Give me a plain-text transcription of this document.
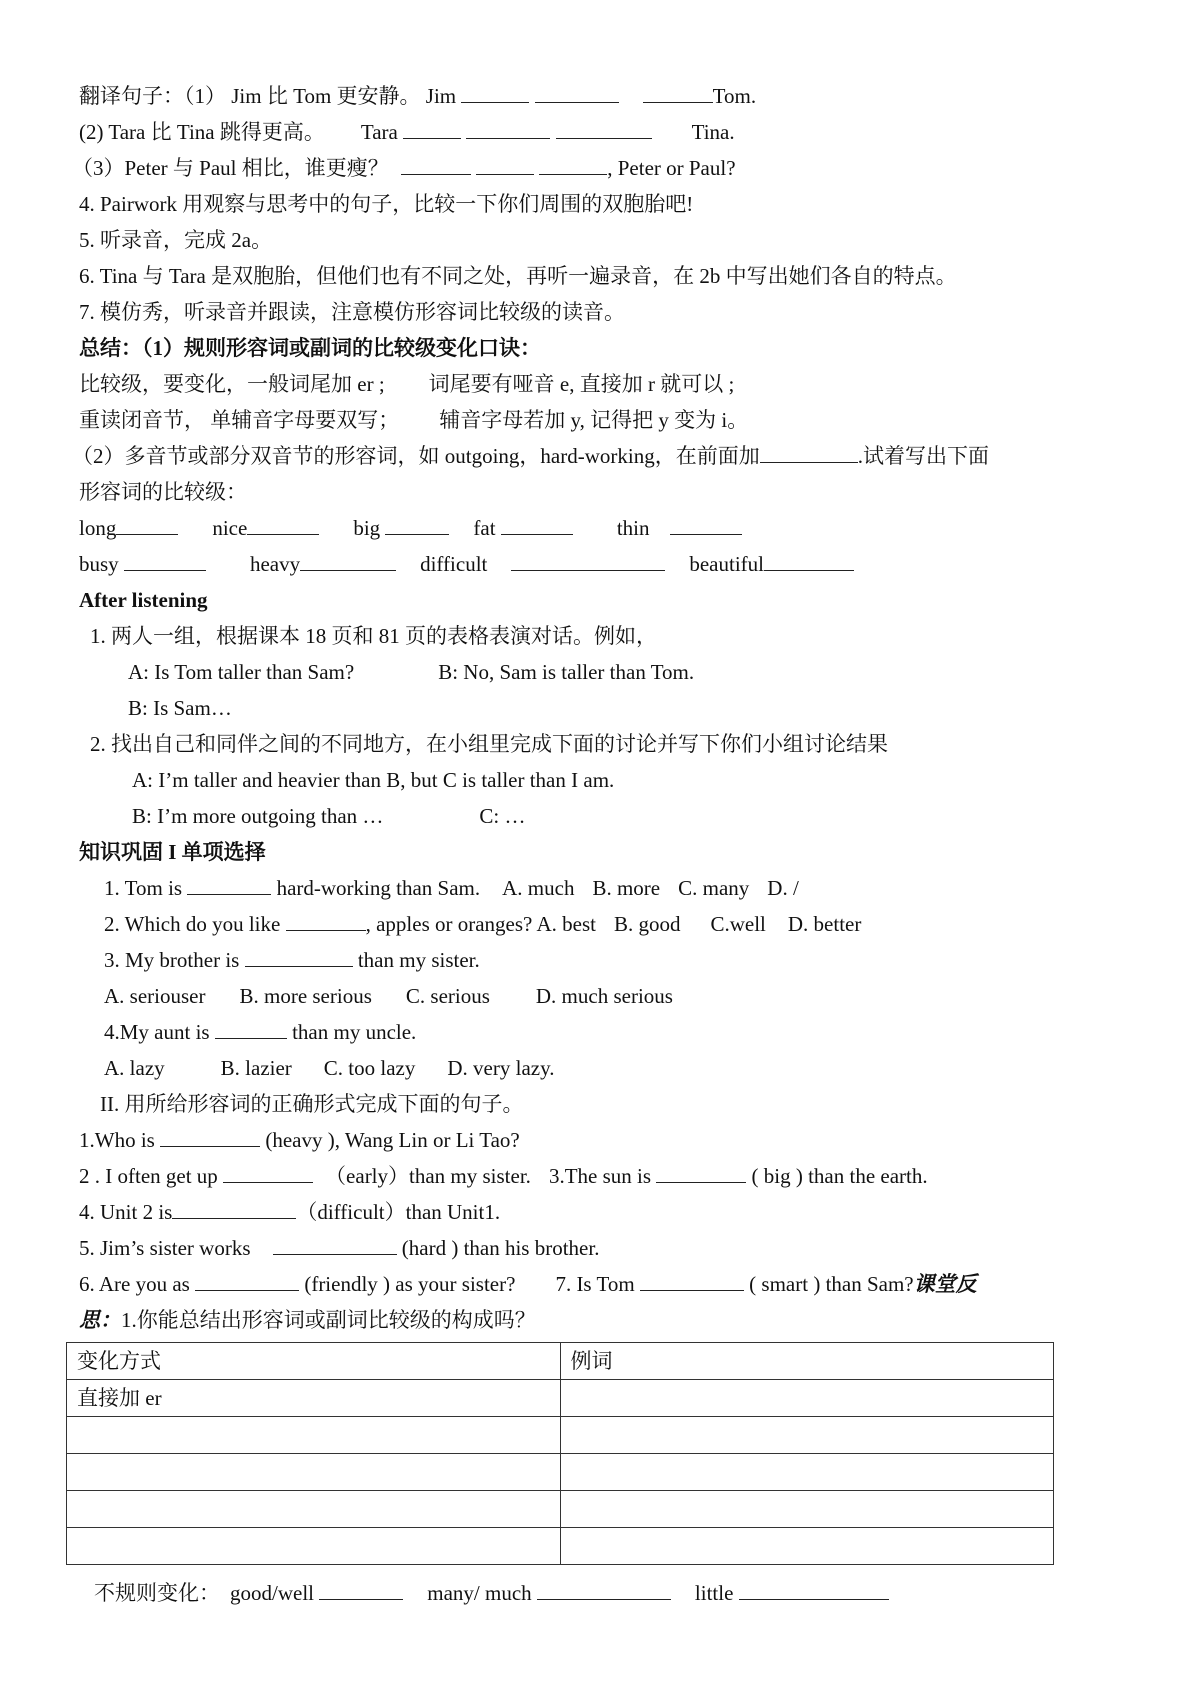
翻译句子：（1） Jim 比 Tom 更安静。 Jim	Tom.
(2) Tara 比 Tina 跳得更高。 Tara	Tina.
（3）Peter 与 Paul 相比，谁更瘦？	, Peter or Paul?
4. Pairwork 用观察与思考中的句子，比较一下你们周围的双胞胎吧!
5. 听录音，完成 2a。
6. Tina 与 Tara 是双胞胎，但他们也有不同之处，再听一遍录音，在 2b 中写出她们各自的特点。
7. 模仿秀，听录音并跟读，注意模仿形容词比较级的读音。
总结：（1）规则形容词或副词的比较级变化口诀：
比较级，要变化，一般词尾加 er ; 词尾要有哑音 e, 直接加 r 就可以 ;
重读闭音节， 单辅音字母要双写； 辅音字母若加 y, 记得把 y 变为 i。
（2）多音节或部分双音节的形容词，如 outgoing，hard-working，在前面加	.试着写出下面
形容词的比较级：
long	nice	big	fat	thin
busy	heavy	difficult	beautiful
After listening
1. 两人一组，根据课本 18 页和 81 页的表格表演对话。例如，
A: Is Tom taller than Sam?	B: No, Sam is taller than Tom.
B: Is Sam…
2. 找出自己和同伴之间的不同地方，在小组里完成下面的讨论并写下你们小组讨论结果
A: I’m taller and heavier than B, but C is taller than I am.
B: I’m more outgoing than …	C: …
知识巩固 I 单项选择
1. Tom is	hard-working than Sam. A. much B. more C. many D. /
2. Which do you like	, apples or oranges? A. best B. good C.well D. better
3. My brother is	than my sister.
A. seriouser B. more serious C. serious D. much serious
4.My aunt is	than my uncle.
A. lazy	B. lazier C. too lazy D. very lazy.
II. 用所给形容词的正确形式完成下面的句子。
1.Who is	(heavy ), Wang Lin or Li Tao?
2 . I often get up	（early）than my sister. 3.The sun is	( big ) than the earth.
4. Unit 2 is	（difficult）than Unit1.
5. Jim’s sister works	(hard ) than his brother.
6. Are you as	(friendly ) as your sister? 7. Is Tom	( smart ) than Sam?课堂反
思：1.你能总结出形容词或副词比较级的构成吗？
变化方式	例词
直接加 er	

不规则变化： good/well	many/ much	little
